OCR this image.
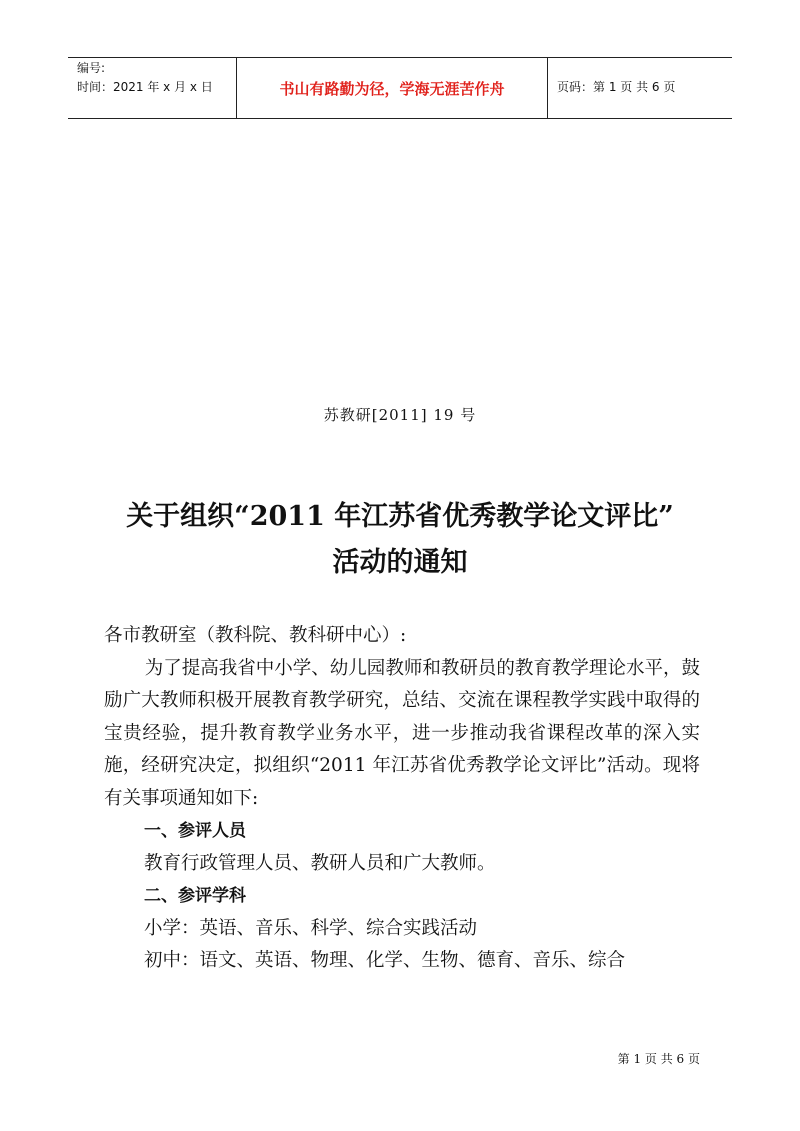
编号:
时间：2021 年 x 月 x 日	书山有路勤为径，学海无涯苦作舟	页码：第 1 页 共 6 页
苏教研[2011] 19 号
关于组织“2011 年江苏省优秀教学论文评比”
活动的通知

各市教研室（教科院、教科研中心）:

为了提高我省中小学、幼儿园教师和教研员的教育教学理论水平，鼓励广大教师积极开展教育教学研究，总结、交流在课程教学实践中取得的宝贵经验，提升教育教学业务水平，进一步推动我省课程改革的深入实施，经研究决定，拟组织“2011 年江苏省优秀教学论文评比”活动。现将有关事项通知如下:

一、参评人员

教育行政管理人员、教研人员和广大教师。

二、参评学科

小学：英语、音乐、科学、综合实践活动

初中：语文、英语、物理、化学、生物、德育、音乐、综合

第 1 页 共 6 页
